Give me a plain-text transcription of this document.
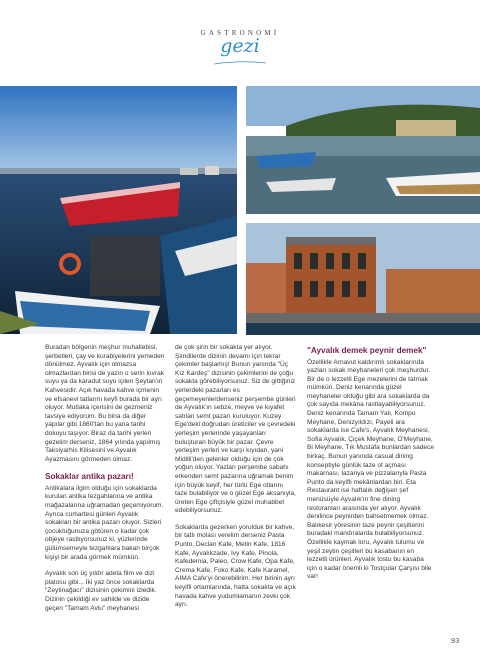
GASTRONOMİ
gezi

Buradan bölgenin meşhur muhallebisi, şerbetleri, çay ve kurabiyelerini yemeden dönülmez. Ayvalık için olmazsa olmazlardan birisi de yazın o serin kıvrak suyu ya da karadut suyu içilen Şeytan'ın Kahvesidir. Açık havada kahve içmenin ve efsanevi tatlarını keyfi burada bir ayrı oluyor. Mutlaka içerisini de gezmeniz tavsiye ediyorum. Bu bina da diğer yapılar gibi 1860'tan bu yana tarihi dokuyu taşıyor. Biraz da tarihi yerleri gezelim derseniz, 1864 yılında yapılmış Taksiyarhis Kilisesini ve Ayvalık Ayazmasını görmeden olmaz.

Sokaklar antika pazarı!

Antikalara ilgim olduğu için sokaklarda kurulan antika tezgahlarına ve antika mağazalarına uğramadan geçemiyorum. Ayrıca cumartesi günleri Ayvalık sokakları bir antika pazarı oluyor. Sizleri çocukluğunuza götüren o kadar çok objeye rastlıyorsunuz ki, yüzlerinde gülümsemeyle tezgahlara bakan birçok kişiyi bir arada görmek mümkün.

Ayvalık son üç yıldır adeta film ve dizi platosu gibi... İki yaz önce sokaklarda "Zeytinağacı" dizisinin çekimini izledik. Dizinin çekildiği ev sahilde ve dizide geçen "Tamam Avlu" meyhanesi

de çok şirin bir sokakta yer alıyor. Şimdilerde dizinin devamı için tekrar çekimler başlamış! Bunun yanında "Üç Kız Kardeş" dizisinin çekimlerini de çoğu sokakta görebiliyorsunuz. Siz de gittiğiniz yerlerdeki pazarları es geçemeyenlerdenseniz perşembe günleri de Ayvalık'ın sebze, meyve ve kıyafet satılan semt pazarı kuruluyor. Kuzey Ege'deki doğrudan üreticiler ve çevredeki yerleşim yerlerinde yaşayanları buluşturan büyük bir pazar. Çevre yerleşim yerleri ve karşı kıyıdan, yani Midilli'den gelenler olduğu için de çok yoğun oluyor. Yazları perşembe sabahı erkenden semt pazarına uğramak benim için büyük keyif, her türlü Ege otlarını taze bulabiliyor ve o güzel Ege aksanıyla, üreten Ege çiftçisiyle güzel muhabbet edebiliyorsunuz.

Sokaklarda gezerken yorulduk bir kahve, bir tatlı molası verelim derseniz Pasta Punto, Declan Kafe, Metin Kafe, 1816 Kafe, Ayvalıkzade, Ivy Kafe, Pinola, Kafedemia, Paleo, Crow Kafe, Opa Kafe, Crema Kafe, Foko Kafe, Kafe Karamel, AIMA Cafe'yi önerebilirim. Her birinin ayrı keyifli ortamlarında, hatta sokakta ve açık havada kahve yudumlamanın zevki çok ayrı.

"Ayvalık demek peynir demek"

Özellikle Arnavut kaldırımlı sokaklarında yazları sokak meyhaneleri çok meşhurdur. Bir de o lezzetli Ege mezelerini de tatmak mümkün. Deniz kenarında güzel meyhaneler olduğu gibi ara sokaklarda da çok sayıda mekâna rastlayabiliyorsunuz. Deniz kenarında Tamam Yalı, Kompu Meyhane, Denizyıldızı, Payeli ara sokaklarda ise Cafe's, Ayvalık Meyhanesi, Sofia Ayvalık, Çiçek Meyhane, O'Meyhane, Bi Meyhane, Tık Mustafa bunlardan sadece birkaç. Bunun yanında casual dining konseptiyle günlük taze ot açması makarnası, lazanya ve pizzalarıyla Pasta Punto da keyifli mekânlardan biri. Eta Restaurant ise haftalık değişen şef menüsüyle Ayvalık'ın fine dining restoranları arasında yer alıyor. Ayvalık denilince peynirden bahsetmemek olmaz. Balıkesir yöresinin taze peynir çeşitlerini buradaki mandıralarda bulabiliyorsunuz. Özellikle kaymak loru, Ayvalık tulumu ve yeşil zeytin çeşitleri bu kasabanın en lezzetli ürünleri. Ayvalık tostu bu kasaba için o kadar önemli ki Tostçular Çarşısı bile var!

93
